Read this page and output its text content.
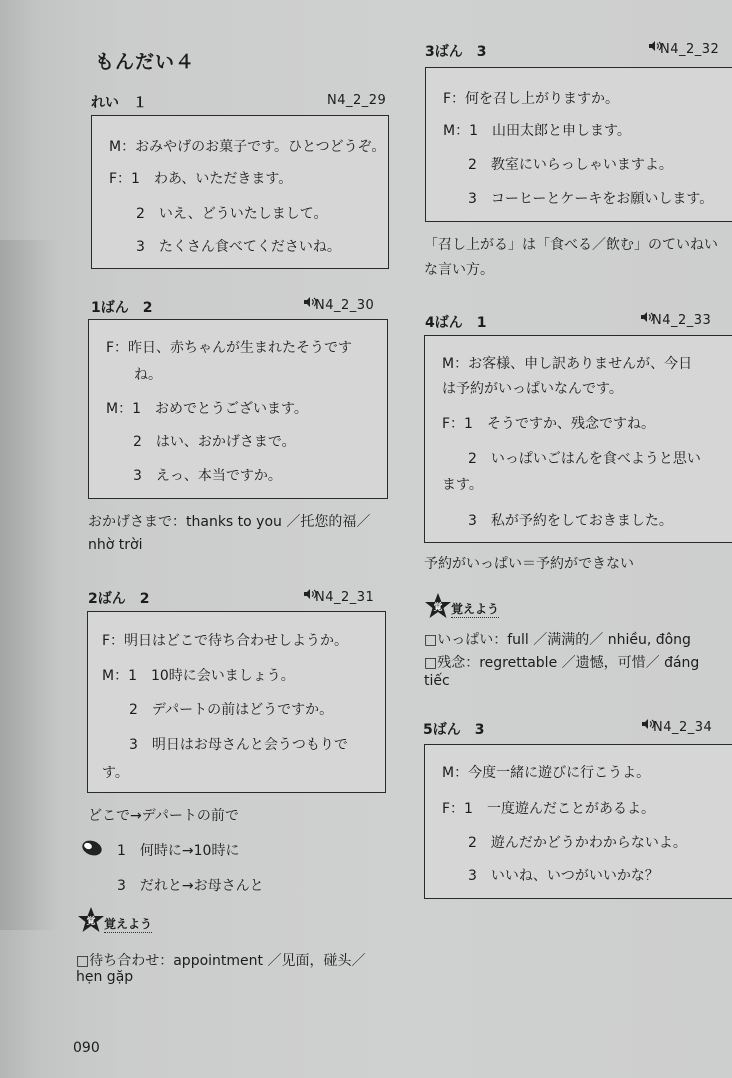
もんだい４
れい　１	N4_2_29
M：おみやげのお菓子です。ひとつどうぞ。
F：1　わあ、いただきます。
2　いえ、どういたしまして。
3　たくさん食べてくださいね。
1ばん　2	N4_2_30
F：昨日、赤ちゃんが生まれたそうです
ね。
M：1　おめでとうございます。
2　はい、おかげさまで。
3　えっ、本当ですか。
おかげさまで：thanks to you ／托您的福／
nhờ trời
2ばん　2	N4_2_31
F：明日はどこで待ち合わせしようか。
M：1　10時に会いましょう。
2　デパートの前はどうですか。
3　明日はお母さんと会うつもりで
す。
どこで→デパートの前で
1　何時に→10時に
3　だれと→お母さんと
覚 覚えよう
□待ち合わせ：appointment ／见面，碰头／
hẹn gặp
090
3ばん　3	N4_2_32
F：何を召し上がりますか。
M：1　山田太郎と申します。
2　教室にいらっしゃいますよ。
3　コーヒーとケーキをお願いします。
「召し上がる」は「食べる／飲む」のていねい
な言い方。
4ばん　1	N4_2_33
M：お客様、申し訳ありませんが、今日
は予約がいっぱいなんです。
F：1　そうですか、残念ですね。
2　いっぱいごはんを食べようと思い
ます。
3　私が予約をしておきました。
予約がいっぱい＝予約ができない
覚 覚えよう
□いっぱい：full ／满满的／ nhiều, đông
□残念：regrettable ／遗憾，可惜／ đáng
tiếc
5ばん　3	N4_2_34
M：今度一緒に遊びに行こうよ。
F：1　一度遊んだことがあるよ。
2　遊んだかどうかわからないよ。
3　いいね、いつがいいかな？
